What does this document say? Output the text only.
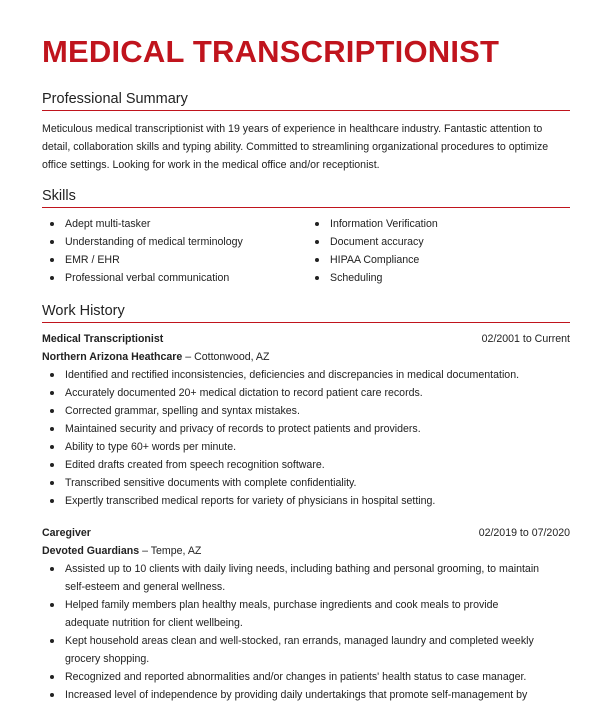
MEDICAL TRANSCRIPTIONIST
Professional Summary

Meticulous medical transcriptionist with 19 years of experience in healthcare industry. Fantastic attention to detail, collaboration skills and typing ability. Committed to streamlining organizational procedures to optimize office settings. Looking for work in the medical office and/or receptionist.

Skills
Adept multi-tasker
Understanding of medical terminology
EMR / EHR
Professional verbal communication
Information Verification
Document accuracy
HIPAA Compliance
Scheduling
Work History
Medical Transcriptionist	02/2001 to Current
Northern Arizona Heathcare – Cottonwood, AZ
Identified and rectified inconsistencies, deficiencies and discrepancies in medical documentation.
Accurately documented 20+ medical dictation to record patient care records.
Corrected grammar, spelling and syntax mistakes.
Maintained security and privacy of records to protect patients and providers.
Ability to type 60+ words per minute.
Edited drafts created from speech recognition software.
Transcribed sensitive documents with complete confidentiality.
Expertly transcribed medical reports for variety of physicians in hospital setting.
Caregiver	02/2019 to 07/2020
Devoted Guardians – Tempe, AZ
Assisted up to 10 clients with daily living needs, including bathing and personal grooming, to maintain self-esteem and general wellness.
Helped family members plan healthy meals, purchase ingredients and cook meals to provide adequate nutrition for client wellbeing.
Kept household areas clean and well-stocked, ran errands, managed laundry and completed weekly grocery shopping.
Recognized and reported abnormalities and/or changes in patients' health status to case manager.
Increased level of independence by providing daily undertakings that promote self-management by
